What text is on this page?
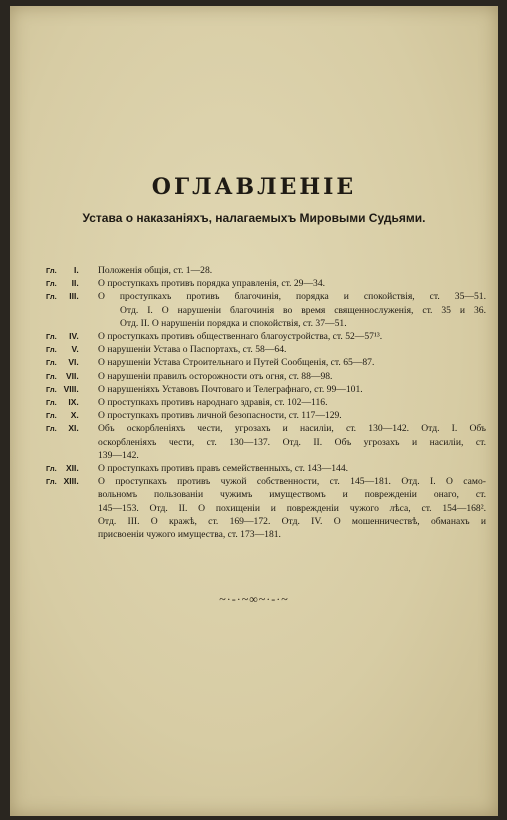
ОГЛАВЛЕНІЕ
Устава о наказаніяхъ, налагаемыхъ Мировыми Судьями.
Гл. I.	Положенія общія, ст. 1—28.
Гл. II.	О проступкахъ противъ порядка управленія, ст. 29—34.
Гл. III.	О проступкахъ противъ благочинія, порядка и спокойствія, ст. 35—51.
Отд. I. О нарушеніи благочинія во время священнослуженія, ст. 35 и 36.
Отд. II. О нарушеніи порядка и спокойствія, ст. 37—51.
Гл. IV.	О проступкахъ противъ общественнаго благоустройства, ст. 52—57¹³.
Гл. V.	О нарушеніи Устава о Паспортахъ, ст. 58—64.
Гл. VI.	О нарушеніи Устава Строительнаго и Путей Сообщенія, ст. 65—87.
Гл. VII.	О нарушеніи правилъ осторожности отъ огня, ст. 88—98.
Гл. VIII.	О нарушеніяхъ Уставовъ Почтоваго и Телеграфнаго, ст. 99—101.
Гл. IX.	О проступкахъ противъ народнаго здравія, ст. 102—116.
Гл. X.	О проступкахъ противъ личной безопасности, ст. 117—129.
Гл. XI.	Объ оскорбленіяхъ чести, угрозахъ и насиліи, ст. 130—142. Отд. I. Объ
оскорбленіяхъ чести, ст. 130—137. Отд. II. Объ угрозахъ и насиліи, ст.
139—142.
Гл. XII.	О проступкахъ противъ правъ семейственныхъ, ст. 143—144.
Гл. XIII.	О проступкахъ противъ чужой собственности, ст. 145—181. Отд. I. О само-
вольномъ пользованіи чужимъ имуществомъ и поврежденіи онаго, ст.
145—153. Отд. II. О похищеніи и поврежденіи чужого лѣса, ст. 154—168².
Отд. III. О кражѣ, ст. 169—172. Отд. IV. О мошенничествѣ, обманахъ и
присвоеніи чужого имущества, ст. 173—181.
~·-·~∞~·-·~
